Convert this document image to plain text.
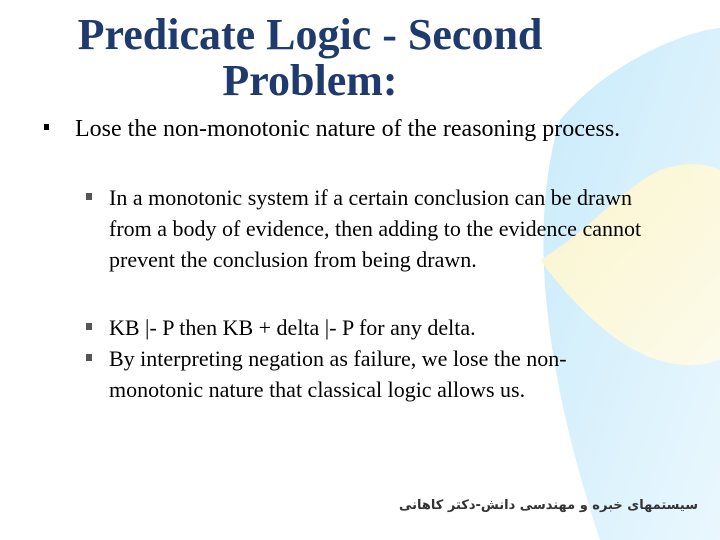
Predicate Logic - Second
Problem:
Lose the non-monotonic nature of the reasoning process.
In a monotonic system if a certain conclusion can be drawn from a body of evidence, then adding to the evidence cannot prevent the conclusion from being drawn.
KB |- P then KB + delta |- P for any delta.
By interpreting negation as failure, we lose the non-monotonic nature that classical logic allows us.
سیستمهای خبره و مهندسی دانش-دکتر کاهانی
